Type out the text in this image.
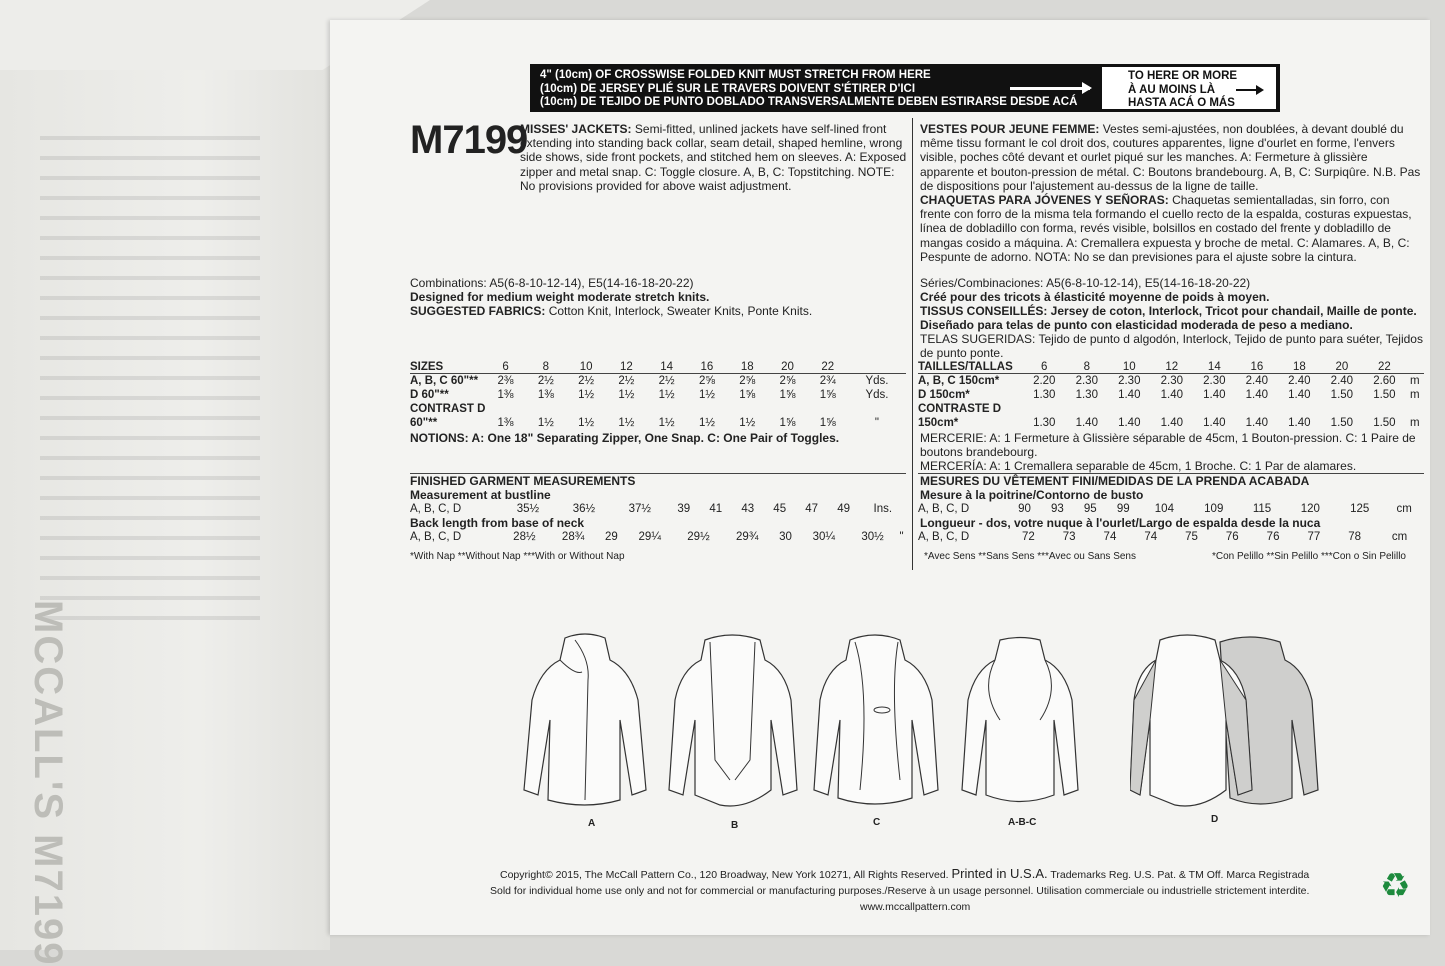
MCCALL'S M7199
4" (10cm) OF CROSSWISE FOLDED KNIT MUST STRETCH FROM HERE
(10cm) DE JERSEY PLIÉ SUR LE TRAVERS DOIVENT S'ÉTIRER D'ICI
(10cm) DE TEJIDO DE PUNTO DOBLADO TRANSVERSALMENTE DEBEN ESTIRARSE DESDE ACÁ
TO HERE OR MORE
À AU MOINS LÀ
HASTA ACÁ O MÁS
M7199
MISSES' JACKETS: Semi-fitted, unlined jackets have self-lined front extending into standing back collar, seam detail, shaped hemline, wrong side shows, side front pockets, and stitched hem on sleeves. A: Exposed zipper and metal snap. C: Toggle closure. A, B, C: Topstitching. NOTE: No provisions provided for above waist adjustment.
VESTES POUR JEUNE FEMME: Vestes semi-ajustées, non doublées, à devant doublé du même tissu formant le col droit dos, coutures apparentes, ligne d'ourlet en forme, l'envers visible, poches côté devant et ourlet piqué sur les manches. A: Fermeture à glissière apparente et bouton-pression de métal. C: Boutons brandebourg. A, B, C: Surpiqûre. N.B. Pas de dispositions pour l'ajustement au-dessus de la ligne de taille.
CHAQUETAS PARA JÓVENES Y SEÑORAS: Chaquetas semientalladas, sin forro, con frente con forro de la misma tela formando el cuello recto de la espalda, costuras expuestas, línea de dobladillo con forma, revés visible, bolsillos en costado del frente y dobladillo de mangas cosido a máquina. A: Cremallera expuesta y broche de metal. C: Alamares. A, B, C: Pespunte de adorno. NOTA: No se dan previsiones para el ajuste sobre la cintura.
Combinations: A5(6-8-10-12-14), E5(14-16-18-20-22)
Designed for medium weight moderate stretch knits.
SUGGESTED FABRICS: Cotton Knit, Interlock, Sweater Knits, Ponte Knits.
Séries/Combinaciones: A5(6-8-10-12-14), E5(14-16-18-20-22)
Créé pour des tricots à élasticité moyenne de poids à moyen.
TISSUS CONSEILLÉS: Jersey de coton, Interlock, Tricot pour chandail, Maille de ponte.
Diseñado para telas de punto con elasticidad moderada de peso a mediano.
TELAS SUGERIDAS: Tejido de punto d algodón, Interlock, Tejido de punto para suéter, Tejidos de punto ponte.
SIZES	6	8	10	12	14	16	18	20	22	
A, B, C 60"**	2⅜	2½	2½	2½	2½	2⅝	2⅝	2⅝	2¾	Yds.
D 60"**	1⅜	1⅜	1½	1½	1½	1½	1⅝	1⅝	1⅝	Yds.
CONTRAST D										
60"**	1⅜	1½	1½	1½	1½	1½	1½	1⅝	1⅝	"
TAILLES/TALLAS	6	8	10	12	14	16	18	20	22	
A, B, C 150cm*	2.20	2.30	2.30	2.30	2.30	2.40	2.40	2.40	2.60	m
D 150cm*	1.30	1.30	1.40	1.40	1.40	1.40	1.40	1.50	1.50	m
CONTRASTE D										
150cm*	1.30	1.40	1.40	1.40	1.40	1.40	1.40	1.50	1.50	m
NOTIONS: A: One 18" Separating Zipper, One Snap. C: One Pair of Toggles.	MERCERIE: A: 1 Fermeture à Glissière séparable de 45cm, 1 Bouton-pression. C: 1 Paire de boutons brandebourg.
MERCERÍA: A: 1 Cremallera separable de 45cm, 1 Broche. C: 1 Par de alamares.
FINISHED GARMENT MEASUREMENTS
Measurement at bustline
A, B, C, D	35½	36½	37½	39	41	43	45	47	49	Ins.
Back length from base of neck
A, B, C, D	28½	28¾	29	29¼	29½	29¾	30	30¼	30½	"
*With Nap **Without Nap ***With or Without Nap
MESURES DU VÊTEMENT FINI/MEDIDAS DE LA PRENDA ACABADA
Mesure à la poitrine/Contorno de busto
A, B, C, D	90	93	95	99	104	109	115	120	125	cm
Longueur - dos, votre nuque à l'ourlet/Largo de espalda desde la nuca
A, B, C, D	72	73	74	74	75	76	76	77	78	cm
*Avec Sens **Sans Sens ***Avec ou Sans Sens	*Con Pelillo **Sin Pelillo ***Con o Sin Pelillo
A	B	C	A-B-C	D
Copyright© 2015, The McCall Pattern Co., 120 Broadway, New York 10271, All Rights Reserved. Printed in U.S.A. Trademarks Reg. U.S. Pat. & TM Off. Marca Registrada
Sold for individual home use only and not for commercial or manufacturing purposes./Reserve à un usage personnel. Utilisation commerciale ou industrielle strictement interdite.
www.mccallpattern.com
♻
